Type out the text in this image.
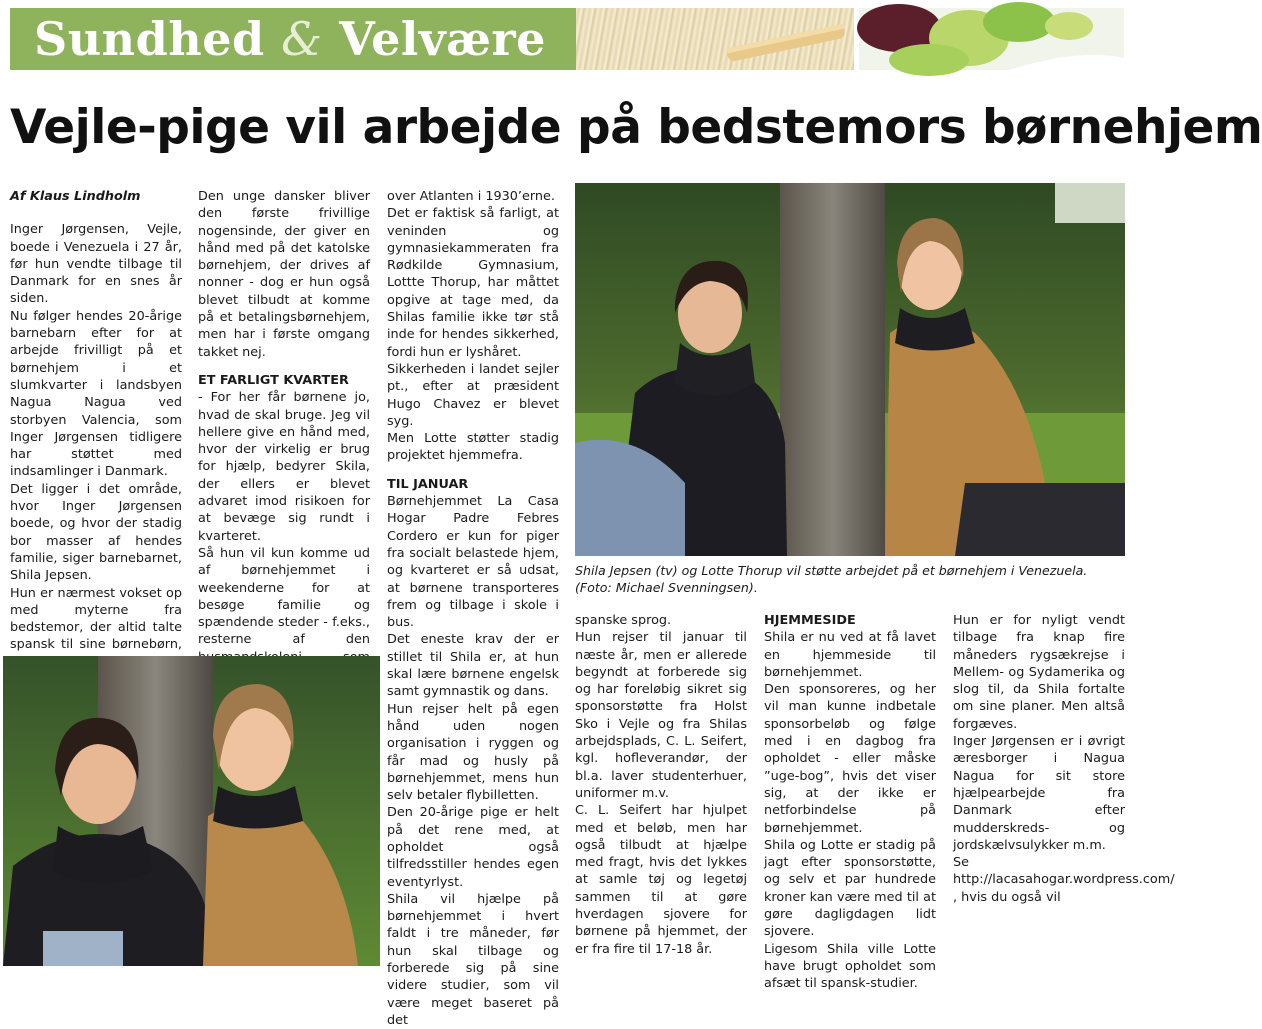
Sundhed & Velvære
Vejle-pige vil arbejde på bedstemors børnehjem

Af Klaus Lindholm

Inger Jørgensen, Vejle, boede i Venezuela i 27 år, før hun vendte tilbage til Danmark for en snes år siden.

Nu følger hendes 20-årige barnebarn efter for at arbejde frivilligt på et børnehjem i et slumkvarter i landsbyen Nagua Nagua ved storbyen Valencia, som Inger Jørgensen tidligere har støttet med indsamlinger i Danmark.

Det ligger i det område, hvor Inger Jørgensen boede, og hvor der stadig bor masser af hendes familie, siger barnebarnet, Shila Jepsen.

Hun er nærmest vokset op med myterne fra bedstemor, der altid talte spansk til sine børnebørn,

Den unge dansker bliver den første frivillige nogensinde, der giver en hånd med på det katolske børnehjem, der drives af nonner - dog er hun også blevet tilbudt at komme på et betalingsbørnehjem, men har i første omgang takket nej.

ET FARLIGT KVARTER

- For her får børnene jo, hvad de skal bruge. Jeg vil hellere give en hånd med, hvor der virkelig er brug for hjælp, bedyrer Skila, der ellers er blevet advaret imod risikoen for at bevæge sig rundt i kvarteret.

Så hun vil kun komme ud af børnehjemmet i weekenderne for at besøge familie og spændende steder - f.eks., resterne af den

over Atlanten i 1930’erne.

Det er faktisk så farligt, at veninden og gymnasiekammeraten fra Rødkilde Gymnasium, Lottte Thorup, har måttet opgive at tage med, da Shilas familie ikke tør stå inde for hendes sikkerhed, fordi hun er lyshåret.

Sikkerheden i landet sejler pt., efter at præsident Hugo Chavez er blevet syg.

Men Lotte støtter stadig projektet hjemmefra.

TIL JANUAR

Børnehjemmet La Casa Hogar Padre Febres Cordero er kun for piger fra socialt belastede hjem, og kvarteret er så udsat, at børnene transporteres frem og tilbage i skole i bus.

Det eneste krav der er stillet til Shila er, at hun skal lære børnene engelsk samt gymnastik og dans.

Hun rejser helt på egen hånd uden nogen organisation i ryggen og får mad og husly på børnehjemmet, mens hun selv betaler flybilletten.

Den 20-årige pige er helt på det rene med, at opholdet også tilfredsstiller hendes egen eventyrlyst.

Shila vil hjælpe på børnehjemmet i hvert faldt i tre måneder, før hun skal tilbage og forberede sig på sine videre studier, som vil være meget baseret på det

Shila Jepsen (tv) og Lotte Thorup vil støtte arbejdet på et børnehjem i Venezuela. (Foto: Michael Svenningsen).

spanske sprog.

Hun rejser til januar til næste år, men er allerede begyndt at forberede sig og har foreløbig sikret sig sponsorstøtte fra Holst Sko i Vejle og fra Shilas arbejdsplads, C. L. Seifert, kgl. hofleverandør, der bl.a. laver studenterhuer, uniformer m.v.

C. L. Seifert har hjulpet med et beløb, men har også tilbudt at hjælpe med fragt, hvis det lykkes at samle tøj og legetøj sammen til at gøre hverdagen sjovere for børnene på hjemmet, der er fra fire til 17-18 år.

HJEMMESIDE

Shila er nu ved at få lavet en hjemmeside til børnehjemmet.

Den sponsoreres, og her vil man kunne indbetale sponsorbeløb og følge med i en dagbog fra opholdet - eller måske ”uge-bog”, hvis det viser sig, at der ikke er netforbindelse på børnehjemmet.

Shila og Lotte er stadig på jagt efter sponsorstøtte, og selv et par hundrede kroner kan være med til at gøre dagligdagen lidt sjovere.

Ligesom Shila ville Lotte have brugt opholdet som afsæt til spansk-studier.

Hun er for nyligt vendt tilbage fra knap fire måneders rygsækrejse i Mellem- og Sydamerika og slog til, da Shila fortalte om sine planer. Men altså forgæves.

Inger Jørgensen er i øvrigt æresborger i Nagua Nagua for sit store hjælpearbejde fra Danmark efter mudderskreds- og jordskælvsulykker m.m.

Se http://lacasahogar.wordpress.com/ , hvis du også vil
